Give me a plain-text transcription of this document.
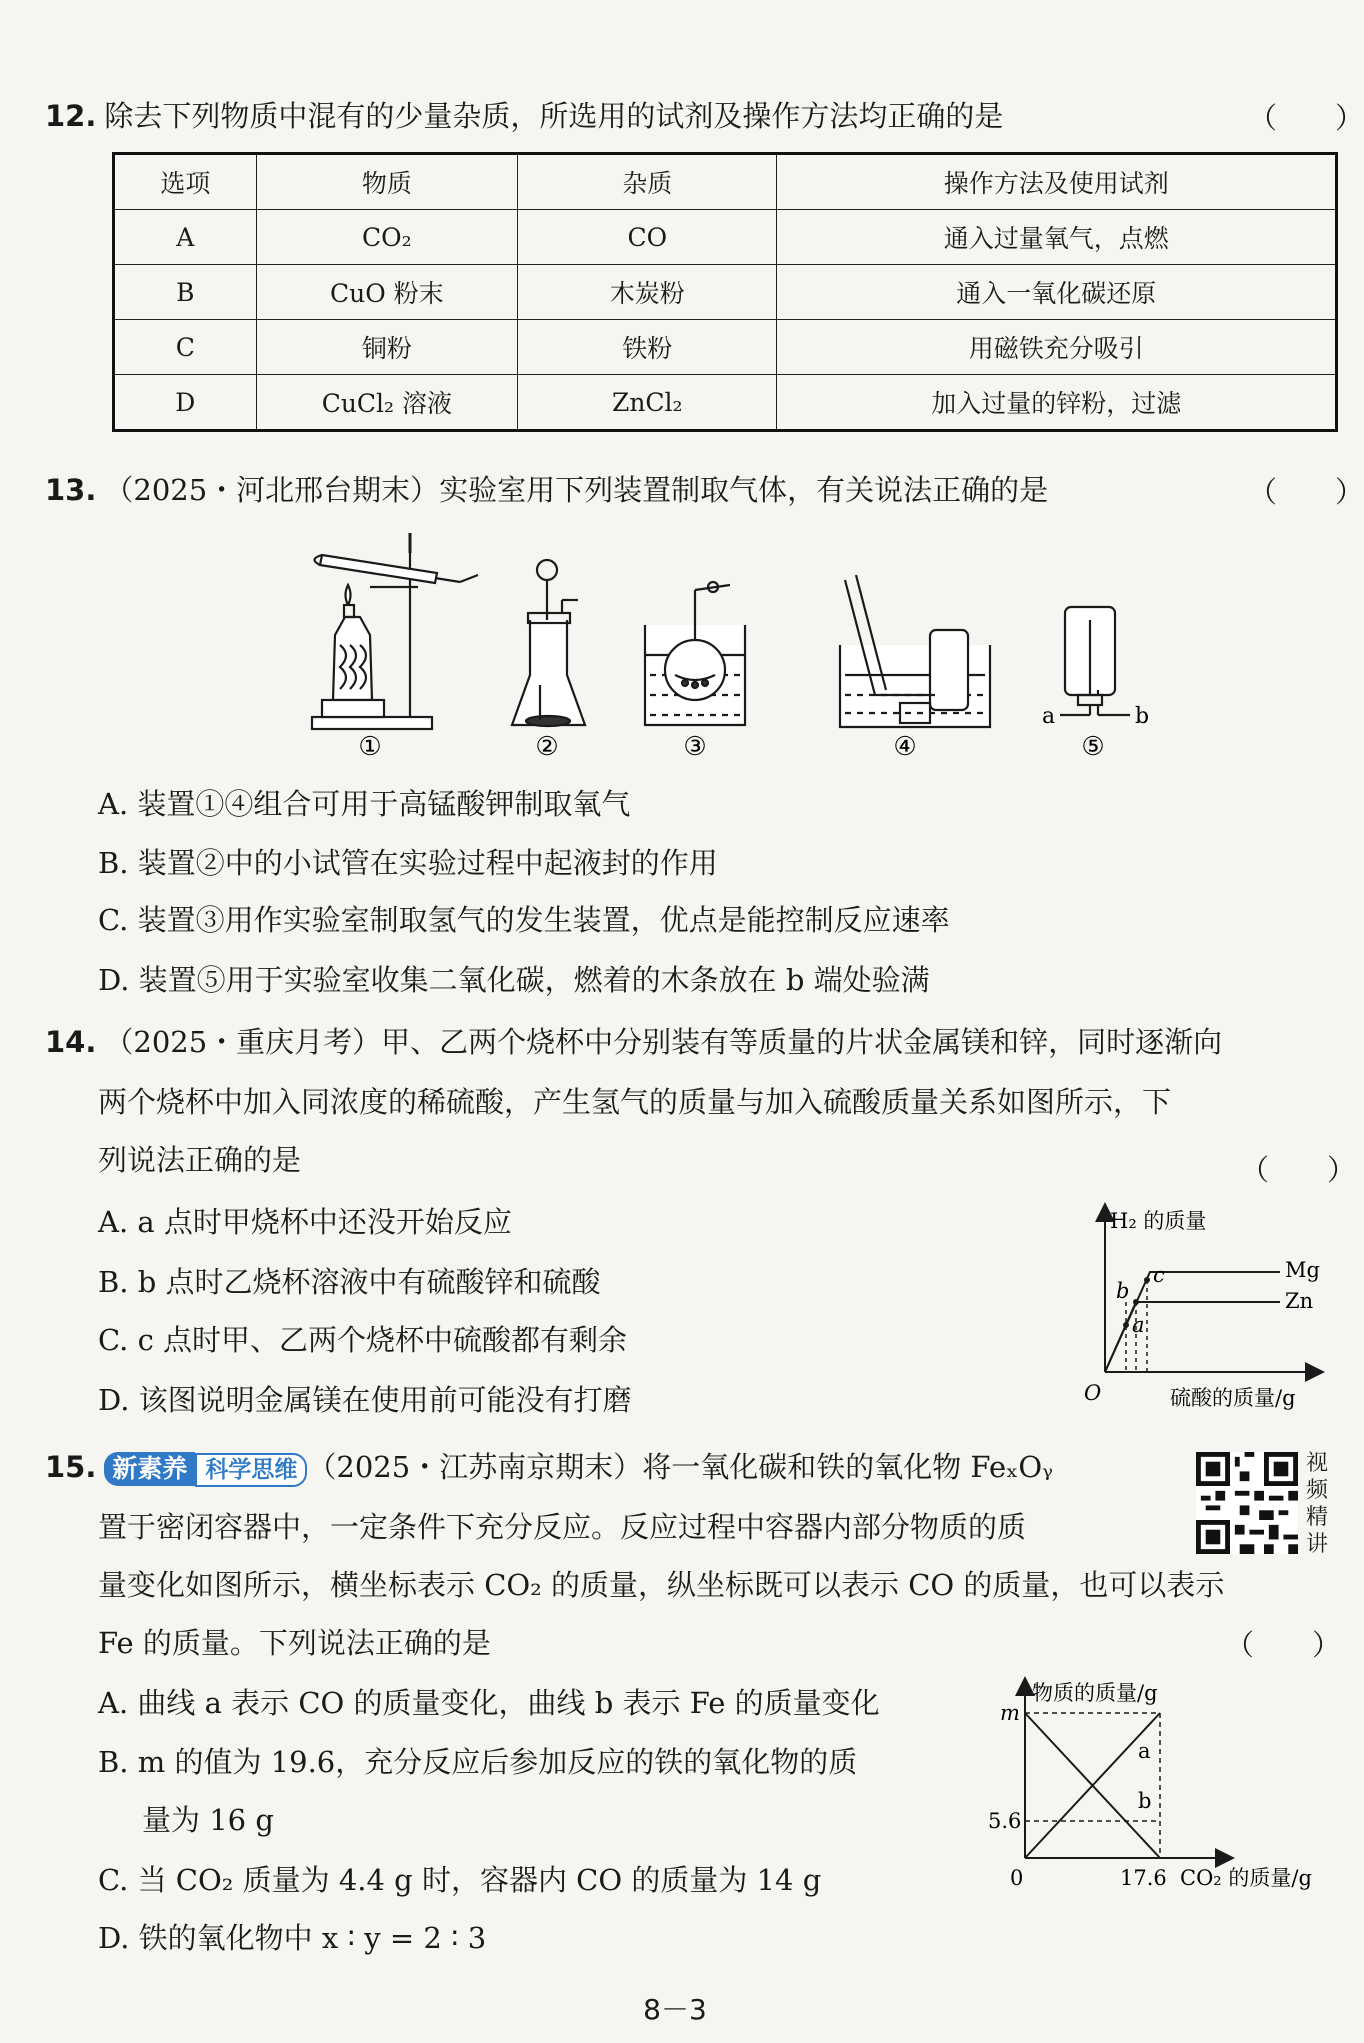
12. 除去下列物质中混有的少量杂质，所选用的试剂及操作方法均正确的是	（　　）
选项	物质	杂质	操作方法及使用试剂
A	CO₂	CO	通入过量氧气，点燃
B	CuO 粉末	木炭粉	通入一氧化碳还原
C	铜粉	铁粉	用磁铁充分吸引
D	CuCl₂ 溶液	ZnCl₂	加入过量的锌粉，过滤
13. （2025・河北邢台期末）实验室用下列装置制取气体，有关说法正确的是	（　　）
①	②	③	④	⑤
a	b
A. 装置①④组合可用于高锰酸钾制取氧气
B. 装置②中的小试管在实验过程中起液封的作用
C. 装置③用作实验室制取氢气的发生装置，优点是能控制反应速率
D. 装置⑤用于实验室收集二氧化碳，燃着的木条放在 b 端处验满
14. （2025・重庆月考）甲、乙两个烧杯中分别装有等质量的片状金属镁和锌，同时逐渐向
两个烧杯中加入同浓度的稀硫酸，产生氢气的质量与加入硫酸质量关系如图所示，下
列说法正确的是	（　　）
A. a 点时甲烧杯中还没开始反应
B. b 点时乙烧杯溶液中有硫酸锌和硫酸
C. c 点时甲、乙两个烧杯中硫酸都有剩余
D. 该图说明金属镁在使用前可能没有打磨
H₂ 的质量
硫酸的质量/g
O
Mg
Zn
a
b
c
15. 新素养 科学思维 （2025・江苏南京期末）将一氧化碳和铁的氧化物 FeₓOᵧ
置于密闭容器中，一定条件下充分反应。反应过程中容器内部分物质的质
量变化如图所示，横坐标表示 CO₂ 的质量，纵坐标既可以表示 CO 的质量，也可以表示
Fe 的质量。下列说法正确的是	（　　）
视频精讲
A. 曲线 a 表示 CO 的质量变化，曲线 b 表示 Fe 的质量变化
B. m 的值为 19.6，充分反应后参加反应的铁的氧化物的质
量为 16 g
C. 当 CO₂ 质量为 4.4 g 时，容器内 CO 的质量为 14 g
D. 铁的氧化物中 x ∶ y = 2 ∶ 3
物质的质量/g
m
5.6
0	17.6 CO₂ 的质量/g
a
b
8－3
